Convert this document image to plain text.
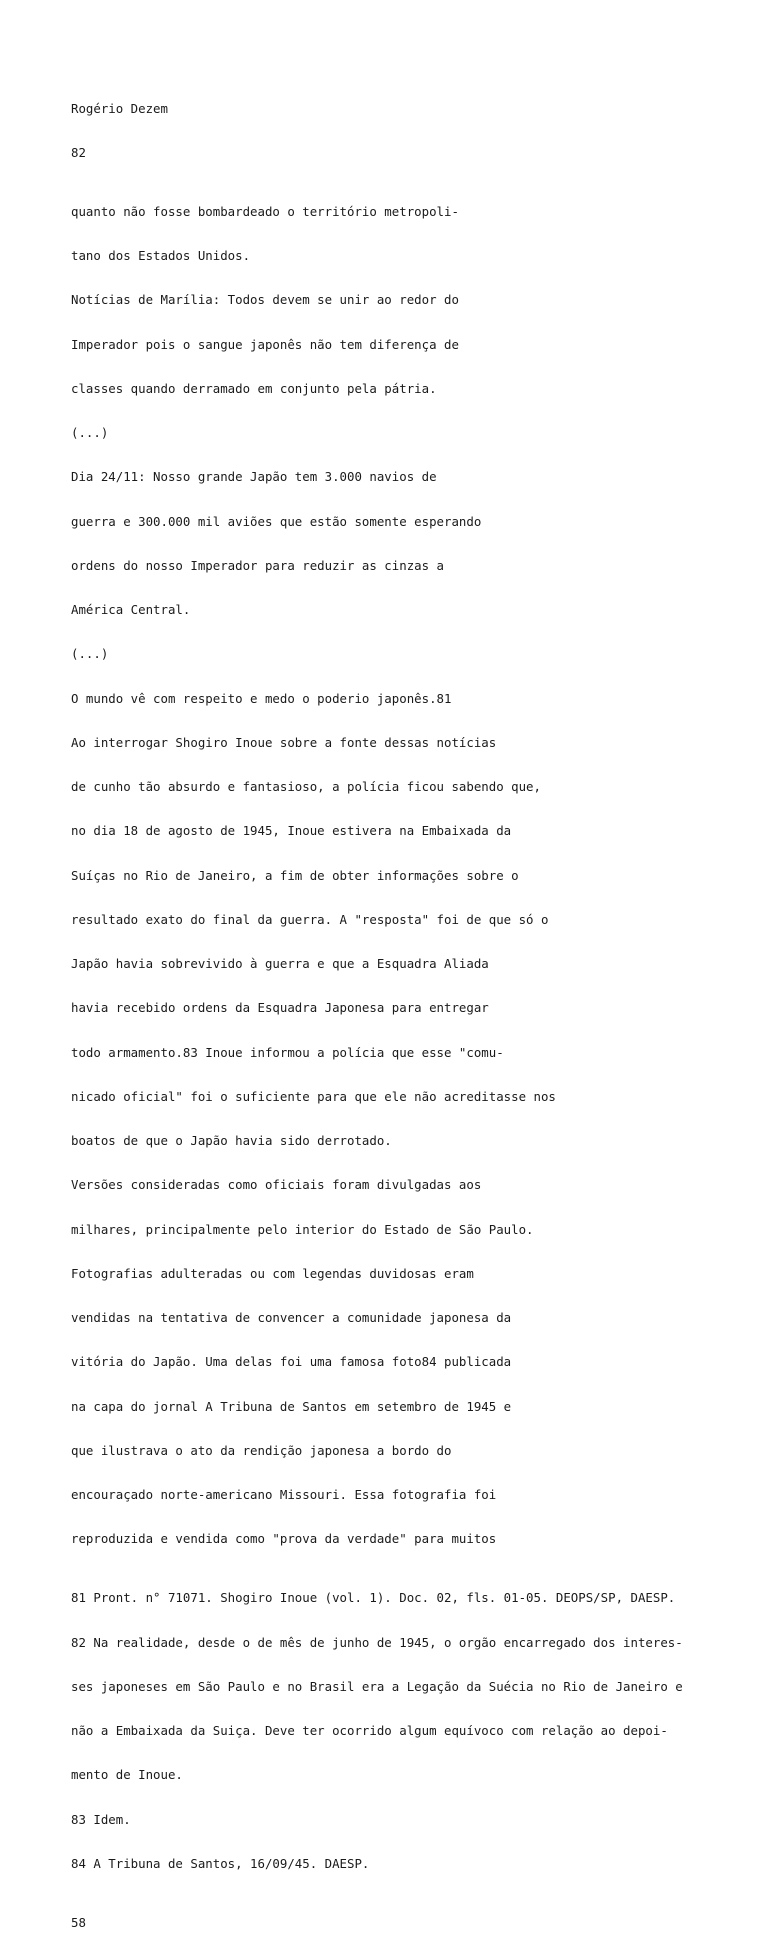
Rogério Dezem

82

quanto não fosse bombardeado o território metropoli-

tano dos Estados Unidos.

Notícias de Marília: Todos devem se unir ao redor do

Imperador pois o sangue japonês não tem diferença de

classes quando derramado em conjunto pela pátria.

(...)

Dia 24/11: Nosso grande Japão tem 3.000 navios de

guerra e 300.000 mil aviões que estão somente esperando

ordens do nosso Imperador para reduzir as cinzas a

América Central.

(...)

O mundo vê com respeito e medo o poderio japonês.81

Ao interrogar Shogiro Inoue sobre a fonte dessas notícias

de cunho tão absurdo e fantasioso, a polícia ficou sabendo que,

no dia 18 de agosto de 1945, Inoue estivera na Embaixada da

Suíças no Rio de Janeiro, a fim de obter informações sobre o

resultado exato do final da guerra. A "resposta" foi de que só o

Japão havia sobrevivido à guerra e que a Esquadra Aliada

havia recebido ordens da Esquadra Japonesa para entregar

todo armamento.83 Inoue informou a polícia que esse "comu-

nicado oficial" foi o suficiente para que ele não acreditasse nos

boatos de que o Japão havia sido derrotado.

Versões consideradas como oficiais foram divulgadas aos

milhares, principalmente pelo interior do Estado de São Paulo.

Fotografias adulteradas ou com legendas duvidosas eram

vendidas na tentativa de convencer a comunidade japonesa da

vitória do Japão. Uma delas foi uma famosa foto84 publicada

na capa do jornal A Tribuna de Santos em setembro de 1945 e

que ilustrava o ato da rendição japonesa a bordo do

encouraçado norte-americano Missouri. Essa fotografia foi

reproduzida e vendida como "prova da verdade" para muitos

81 Pront. n° 71071. Shogiro Inoue (vol. 1). Doc. 02, fls. 01-05. DEOPS/SP, DAESP.

82 Na realidade, desde o de mês de junho de 1945, o orgão encarregado dos interes-

ses japoneses em São Paulo e no Brasil era a Legação da Suécia no Rio de Janeiro e

não a Embaixada da Suiça. Deve ter ocorrido algum equívoco com relação ao depoi-

mento de Inoue.

83 Idem.

84 A Tribuna de Santos, 16/09/45. DAESP.

58
